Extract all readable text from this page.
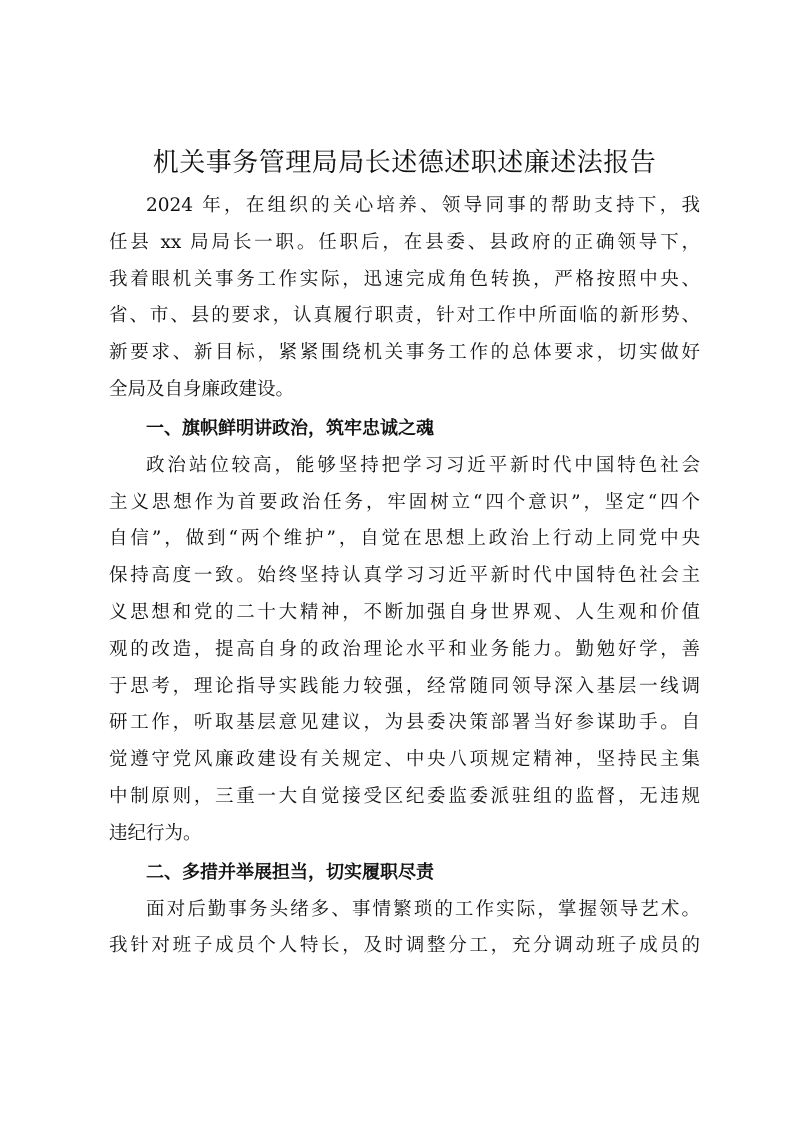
机关事务管理局局长述德述职述廉述法报告
2024 年，在组织的关心培养、领导同事的帮助支持下，我
任县 xx 局局长一职。任职后，在县委、县政府的正确领导下，
我着眼机关事务工作实际，迅速完成角色转换，严格按照中央、
省、市、县的要求，认真履行职责，针对工作中所面临的新形势、
新要求、新目标，紧紧围绕机关事务工作的总体要求，切实做好
全局及自身廉政建设。
一、旗帜鲜明讲政治，筑牢忠诚之魂
政治站位较高，能够坚持把学习习近平新时代中国特色社会
主义思想作为首要政治任务，牢固树立“四个意识”，坚定“四个
自信”，做到“两个维护”，自觉在思想上政治上行动上同党中央
保持高度一致。始终坚持认真学习习近平新时代中国特色社会主
义思想和党的二十大精神，不断加强自身世界观、人生观和价值
观的改造，提高自身的政治理论水平和业务能力。勤勉好学，善
于思考，理论指导实践能力较强，经常随同领导深入基层一线调
研工作，听取基层意见建议，为县委决策部署当好参谋助手。自
觉遵守党风廉政建设有关规定、中央八项规定精神，坚持民主集
中制原则，三重一大自觉接受区纪委监委派驻组的监督，无违规
违纪行为。
二、多措并举展担当，切实履职尽责
面对后勤事务头绪多、事情繁琐的工作实际，掌握领导艺术。
我针对班子成员个人特长，及时调整分工，充分调动班子成员的
